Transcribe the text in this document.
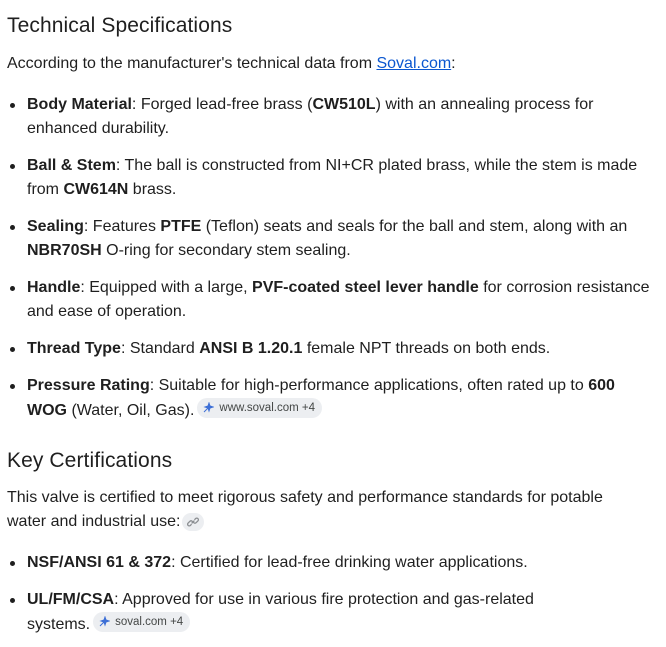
Technical Specifications

According to the manufacturer's technical data from Soval.com:

Body Material: Forged lead-free brass (CW510L) with an annealing process for enhanced durability.
Ball & Stem: The ball is constructed from NI+CR plated brass, while the stem is made from CW614N brass.
Sealing: Features PTFE (Teflon) seats and seals for the ball and stem, along with an NBR70SH O-ring for secondary stem sealing.
Handle: Equipped with a large, PVF-coated steel lever handle for corrosion resistance and ease of operation.
Thread Type: Standard ANSI B 1.20.1 female NPT threads on both ends.
Pressure Rating: Suitable for high-performance applications, often rated up to 600 WOG (Water, Oil, Gas). www.soval.com +4
Key Certifications

This valve is certified to meet rigorous safety and performance standards for potable water and industrial use:

NSF/ANSI 61 & 372: Certified for lead-free drinking water applications.
UL/FM/CSA: Approved for use in various fire protection and gas-related systems. soval.com +4
